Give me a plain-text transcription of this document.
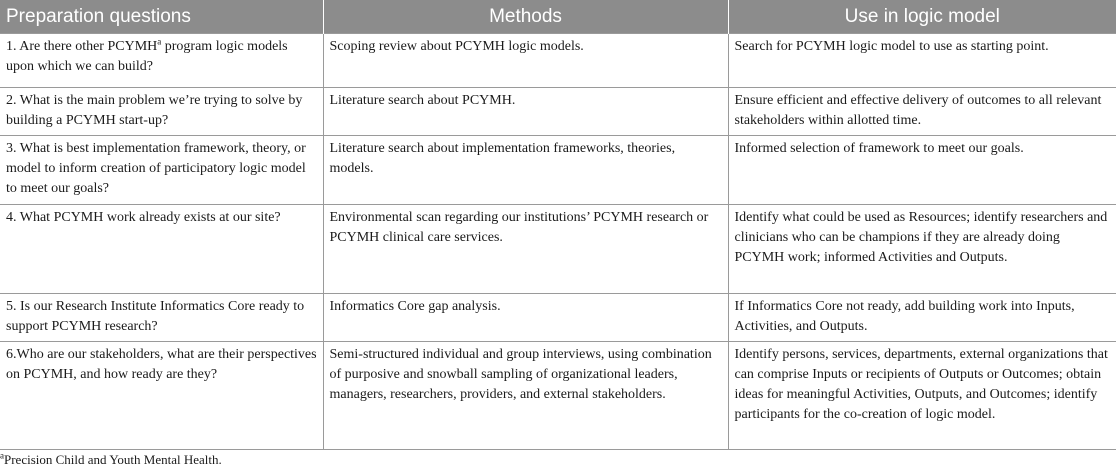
Preparation questions	Methods	Use in logic model
1. Are there other PCYMH$^a$ program logic models upon which we can build?	Scoping review about PCYMH logic models.	Search for PCYMH logic model to use as starting point.
2. What is the main problem we’re trying to solve by building a PCYMH start-up?	Literature search about PCYMH.	Ensure efficient and effective delivery of outcomes to all relevant stakeholders within allotted time.
3. What is best implementation framework, theory, or model to inform creation of participatory logic model to meet our goals?	Literature search about implementation frameworks, theories, models.	Informed selection of framework to meet our goals.
4. What PCYMH work already exists at our site?	Environmental scan regarding our institutions’ PCYMH research or PCYMH clinical care services.	Identify what could be used as Resources; identify researchers and clinicians who can be champions if they are already doing PCYMH work; informed Activities and Outputs.
5. Is our Research Institute Informatics Core ready to support PCYMH research?	Informatics Core gap analysis.	If Informatics Core not ready, add building work into Inputs, Activities, and Outputs.
6.Who are our stakeholders, what are their perspectives on PCYMH, and how ready are they?	Semi-structured individual and group interviews, using combination of purposive and snowball sampling of organizational leaders, managers, researchers, providers, and external stakeholders.	Identify persons, services, departments, external organizations that can comprise Inputs or recipients of Outputs or Outcomes; obtain ideas for meaningful Activities, Outputs, and Outcomes; identify participants for the co-creation of logic model.
$^a$Precision Child and Youth Mental Health.
